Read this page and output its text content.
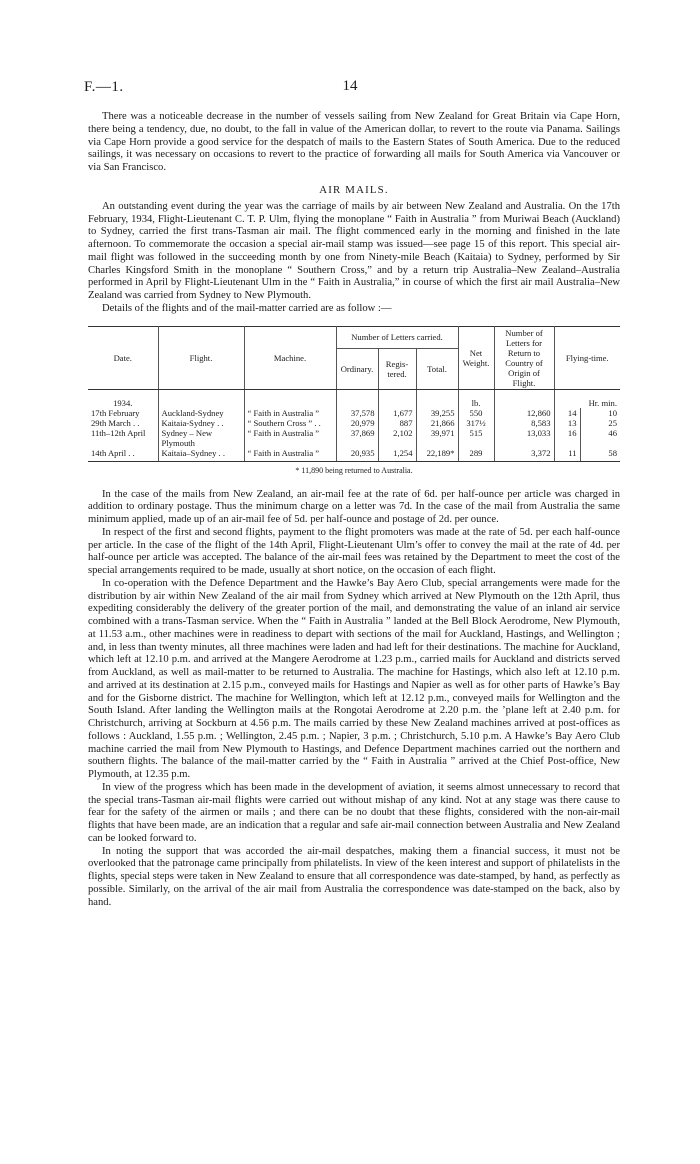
F.—1.	14

There was a noticeable decrease in the number of vessels sailing from New Zealand for Great Britain via Cape Horn, there being a tendency, due, no doubt, to the fall in value of the American dollar, to revert to the route via Panama. Sailings via Cape Horn provide a good service for the despatch of mails to the Eastern States of South America. Due to the reduced sailings, it was necessary on occasions to revert to the practice of forwarding all mails for South America via Vancouver or via San Francisco.

AIR MAILS.

An outstanding event during the year was the carriage of mails by air between New Zealand and Australia. On the 17th February, 1934, Flight-Lieutenant C. T. P. Ulm, flying the monoplane “ Faith in Australia ” from Muriwai Beach (Auckland) to Sydney, carried the first trans-Tasman air mail. The flight commenced early in the morning and finished in the late afternoon. To commemorate the occasion a special air-mail stamp was issued—see page 15 of this report. This special air-mail flight was followed in the succeeding month by one from Ninety-mile Beach (Kaitaia) to Sydney, performed by Sir Charles Kingsford Smith in the monoplane “ Southern Cross,” and by a return trip Australia–New Zealand–Australia performed in April by Flight-Lieutenant Ulm in the “ Faith in Australia,” in course of which the first air mail Australia–New Zealand was carried from Sydney to New Plymouth.

Details of the flights and of the mail-matter carried are as follow :—

Date.	Flight.	Machine.	Number of Letters carried.			Net Weight.	Number of Letters for Return to Country of Origin of Flight.	Flying-time.	
			Ordinary.	Regis-tered.	Total.				
1934.						lb.		Hr. min.	
17th February	Auckland-Sydney	“ Faith in Australia ”	37,578	1,677	39,255	550	12,860	14	10
29th March . .	Kaitaia-Sydney . .	“ Southern Cross ” . .	20,979	887	21,866	317½	8,583	13	25
11th–12th April	Sydney – New Plymouth	“ Faith in Australia ”	37,869	2,102	39,971	515	13,033	16	46
14th April . .	Kaitaia–Sydney . .	“ Faith in Australia ”	20,935	1,254	22,189*	289	3,372	11	58
* 11,890 being returned to Australia.

In the case of the mails from New Zealand, an air-mail fee at the rate of 6d. per half-ounce per article was charged in addition to ordinary postage. Thus the minimum charge on a letter was 7d. In the case of the mail from Australia the same minimum applied, made up of an air-mail fee of 5d. per half-ounce and postage of 2d. per ounce.

In respect of the first and second flights, payment to the flight promoters was made at the rate of 5d. per each half-ounce per article. In the case of the flight of the 14th April, Flight-Lieutenant Ulm’s offer to convey the mail at the rate of 4d. per half-ounce per article was accepted. The balance of the air-mail fees was retained by the Department to meet the cost of the special arrangements required to be made, usually at short notice, on the occasion of each flight.

In co-operation with the Defence Department and the Hawke’s Bay Aero Club, special arrangements were made for the distribution by air within New Zealand of the air mail from Sydney which arrived at New Plymouth on the 12th April, thus expediting considerably the delivery of the greater portion of the mail, and demonstrating the value of an inland air service combined with a trans-Tasman service. When the “ Faith in Australia ” landed at the Bell Block Aerodrome, New Plymouth, at 11.53 a.m., other machines were in readiness to depart with sections of the mail for Auckland, Hastings, and Wellington ; and, in less than twenty minutes, all three machines were laden and had left for their destinations. The machine for Auckland, which left at 12.10 p.m. and arrived at the Mangere Aerodrome at 1.23 p.m., carried mails for Auckland and districts served from Auckland, as well as mail-matter to be returned to Australia. The machine for Hastings, which also left at 12.10 p.m. and arrived at its destination at 2.15 p.m., conveyed mails for Hastings and Napier as well as for other parts of Hawke’s Bay and for the Gisborne district. The machine for Wellington, which left at 12.12 p.m., conveyed mails for Wellington and the South Island. After landing the Wellington mails at the Rongotai Aerodrome at 2.20 p.m. the ’plane left at 2.40 p.m. for Christchurch, arriving at Sockburn at 4.56 p.m. The mails carried by these New Zealand machines arrived at post-offices as follows : Auckland, 1.55 p.m. ; Wellington, 2.45 p.m. ; Napier, 3 p.m. ; Christchurch, 5.10 p.m. A Hawke’s Bay Aero Club machine carried the mail from New Plymouth to Hastings, and Defence Department machines carried out the northern and southern flights. The balance of the mail-matter carried by the “ Faith in Australia ” arrived at the Chief Post-office, New Plymouth, at 12.35 p.m.

In view of the progress which has been made in the development of aviation, it seems almost unnecessary to record that the special trans-Tasman air-mail flights were carried out without mishap of any kind. Not at any stage was there cause to fear for the safety of the airmen or mails ; and there can be no doubt that these flights, considered with the non-air-mail flights that have been made, are an indication that a regular and safe air-mail connection between Australia and New Zealand can be looked forward to.

In noting the support that was accorded the air-mail despatches, making them a financial success, it must not be overlooked that the patronage came principally from philatelists. In view of the keen interest and support of philatelists in the flights, special steps were taken in New Zealand to ensure that all correspondence was date-stamped, by hand, as perfectly as possible. Similarly, on the arrival of the air mail from Australia the correspondence was date-stamped on the back, also by hand.
